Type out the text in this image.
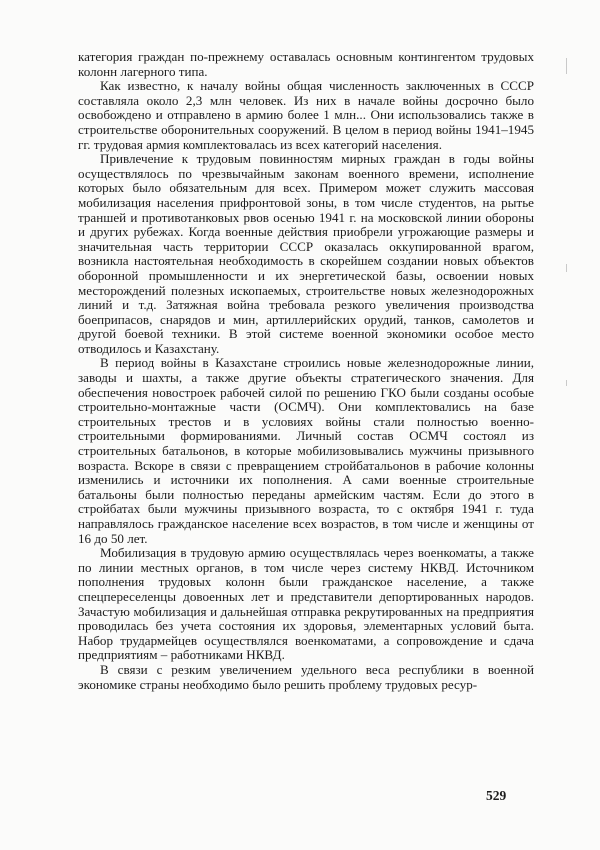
категория граждан по-прежнему оставалась основным контингентом трудовых колонн лагерного типа.

Как известно, к началу войны общая численность заключенных в СССР составляла около 2,3 млн человек. Из них в начале войны досрочно было освобождено и отправлено в армию более 1 млн... Они использовались также в строительстве оборонительных сооружений. В целом в период войны 1941–1945 гг. трудовая армия комплектовалась из всех категорий населения.

Привлечение к трудовым повинностям мирных граждан в годы войны осуществлялось по чрезвычайным законам военного времени, исполнение которых было обязательным для всех. Примером может служить массовая мобилизация населения прифронтовой зоны, в том числе студентов, на рытье траншей и противотанковых рвов осенью 1941 г. на московской линии обороны и других рубежах. Когда военные действия приобрели угрожающие размеры и значительная часть территории СССР оказалась оккупированной врагом, возникла настоятельная необходимость в скорейшем создании новых объектов оборонной промышленности и их энергетической базы, освоении новых месторождений полезных ископаемых, строительстве новых железнодорожных линий и т.д. Затяжная война требовала резкого увеличения производства боеприпасов, снарядов и мин, артиллерийских орудий, танков, самолетов и другой боевой техники. В этой системе военной экономики особое место отводилось и Казахстану.

В период войны в Казахстане строились новые железнодорожные линии, заводы и шахты, а также другие объекты стратегического значения. Для обеспечения новостроек рабочей силой по решению ГКО были созданы особые строительно-монтажные части (ОСМЧ). Они комплектовались на базе строительных трестов и в условиях войны стали полностью военно-строительными формированиями. Личный состав ОСМЧ состоял из строительных батальонов, в которые мобилизовывались мужчины призывного возраста. Вскоре в связи с превращением стройбатальонов в рабочие колонны изменились и источники их пополнения. А сами военные строительные батальоны были полностью переданы армейским частям. Если до этого в стройбатах были мужчины призывного возраста, то с октября 1941 г. туда направлялось гражданское население всех возрастов, в том числе и женщины от 16 до 50 лет.

Мобилизация в трудовую армию осуществлялась через военкоматы, а также по линии местных органов, в том числе через систему НКВД. Источником пополнения трудовых колонн были гражданское население, а также спецпереселенцы довоенных лет и представители депортированных народов. Зачастую мобилизация и дальнейшая отправка рекрутированных на предприятия проводилась без учета состояния их здоровья, элементарных условий быта. Набор трудармейцев осуществлялся военкоматами, а сопровождение и сдача предприятиям – работниками НКВД.

В связи с резким увеличением удельного веса республики в военной экономике страны необходимо было решить проблему трудовых ресур-

529
